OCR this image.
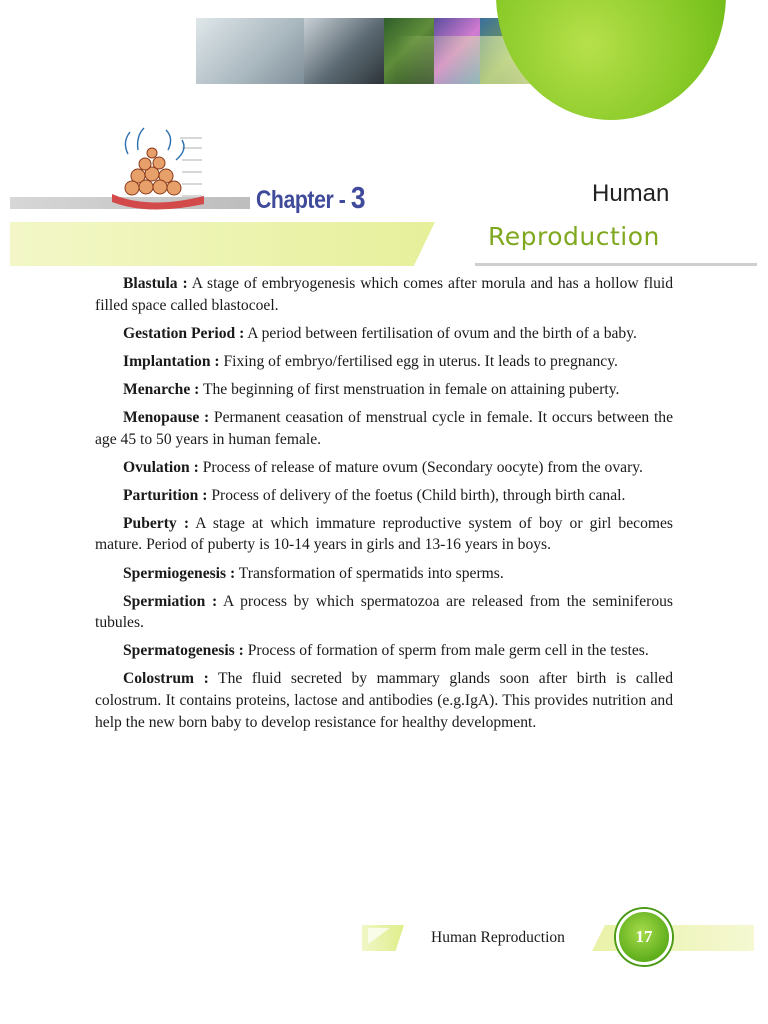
Chapter - 3	Human
Reproduction

Blastula : A stage of embryogenesis which comes after morula and has a hollow fluid filled space called blastocoel.

Gestation Period : A period between fertilisation of ovum and the birth of a baby.

Implantation : Fixing of embryo/fertilised egg in uterus. It leads to pregnancy.

Menarche : The beginning of first menstruation in female on attaining puberty.

Menopause : Permanent ceasation of menstrual cycle in female. It occurs between the age 45 to 50 years in human female.

Ovulation : Process of release of mature ovum (Secondary oocyte) from the ovary.

Parturition : Process of delivery of the foetus (Child birth), through birth canal.

Puberty : A stage at which immature reproductive system of boy or girl becomes mature. Period of puberty is 10-14 years in girls and 13-16 years in boys.

Spermiogenesis : Transformation of spermatids into sperms.

Spermiation : A process by which spermatozoa are released from the seminiferous tubules.

Spermatogenesis : Process of formation of sperm from male germ cell in the testes.

Colostrum : The fluid secreted by mammary glands soon after birth is called colostrum. It contains proteins, lactose and antibodies (e.g.IgA). This provides nutrition and help the new born baby to develop resistance for healthy development.

Human Reproduction	17
